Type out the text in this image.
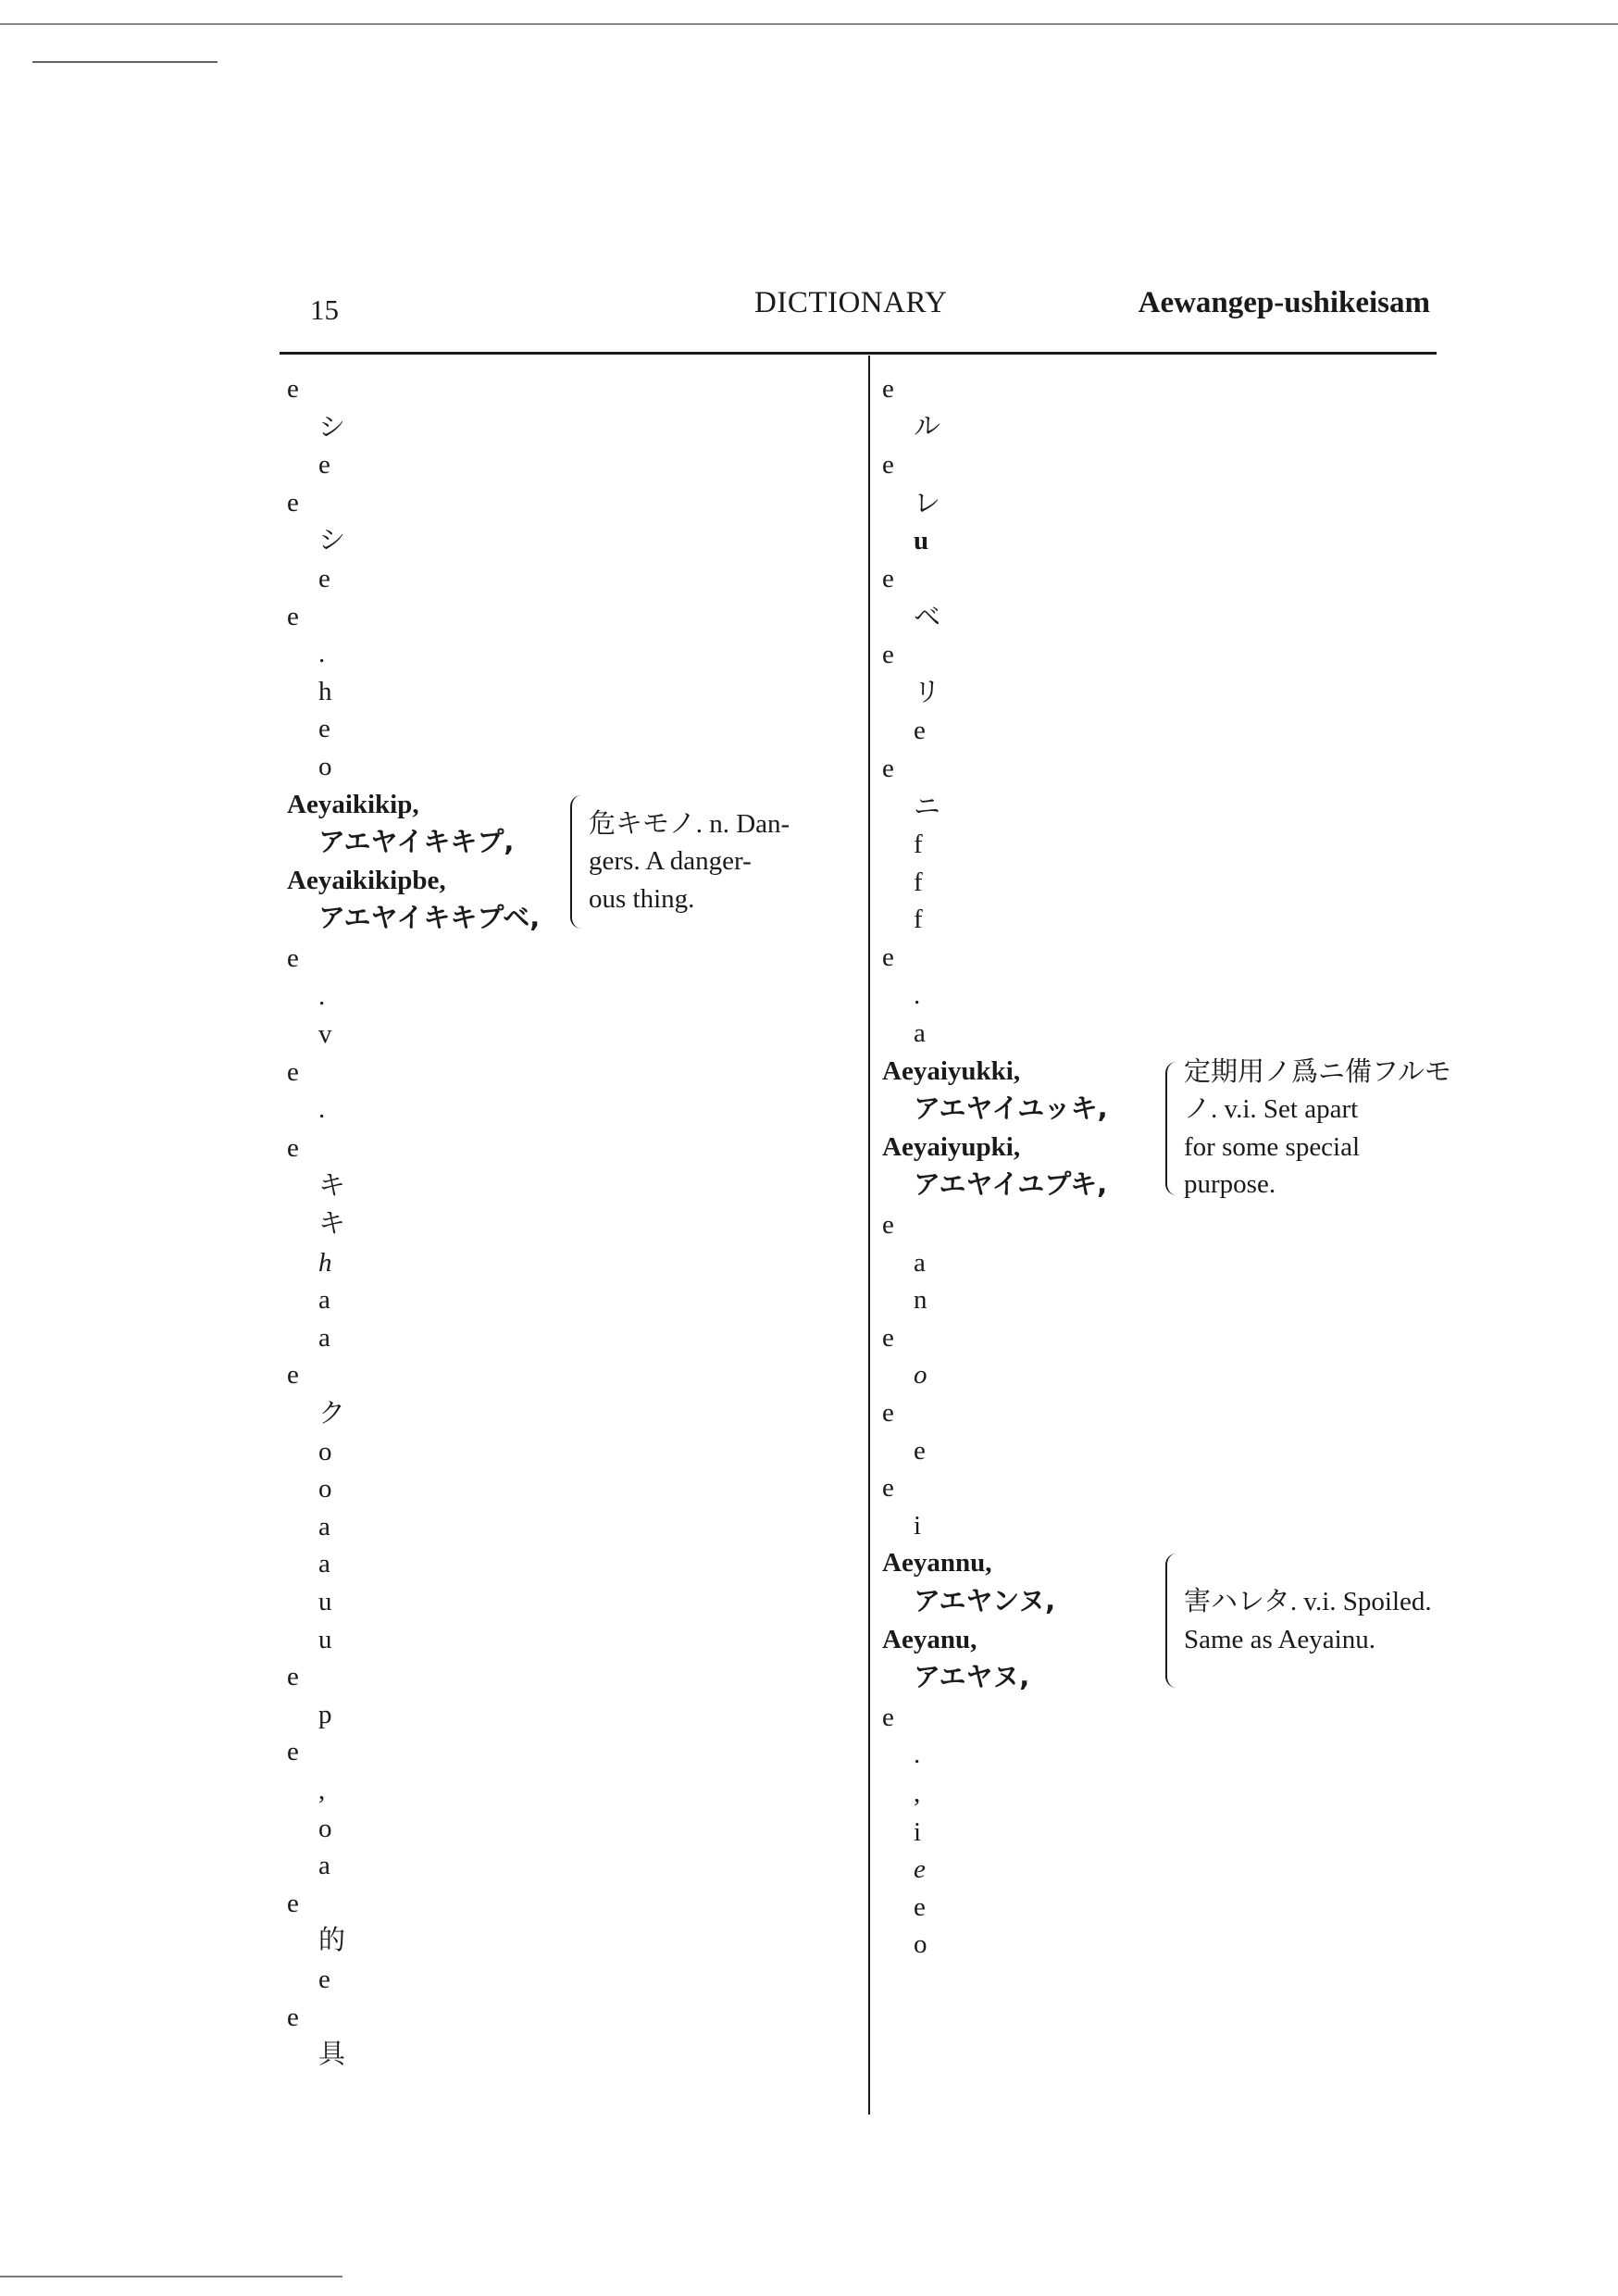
15	DICTIONARY	Aewangep-ushikeisam
e
シ
e
e
シ
e
e
.
h
e
o
Aeyaikikip,
アエヤイキキプ,
Aeyaikikipbe,
アエヤイキキプベ,
危キモノ. n. Dan-
gers. A danger-
ous thing.
e
.
v
e
.
e
キ
キ
h
a
a
e
ク
o
o
a
a
u
u
e
p
e
,
o
a
e
的
e
e
具
e
ル
e
レ
u
e
ベ
e
リ
e
e
ニ
f
f
f
e
.
a
Aeyaiyukki,
アエヤイユッキ,
Aeyaiyupki,
アエヤイユプキ,
定期用ノ爲ニ備フルモ
ノ. v.i. Set apart
for some special
purpose.
e
a
n
e
o
e
e
e
i
Aeyannu,
アエヤンヌ,
Aeyanu,
アエヤヌ,
害ハレタ. v.i. Spoiled.
Same as Aeyainu.
e
.
,
i
e
e
o
